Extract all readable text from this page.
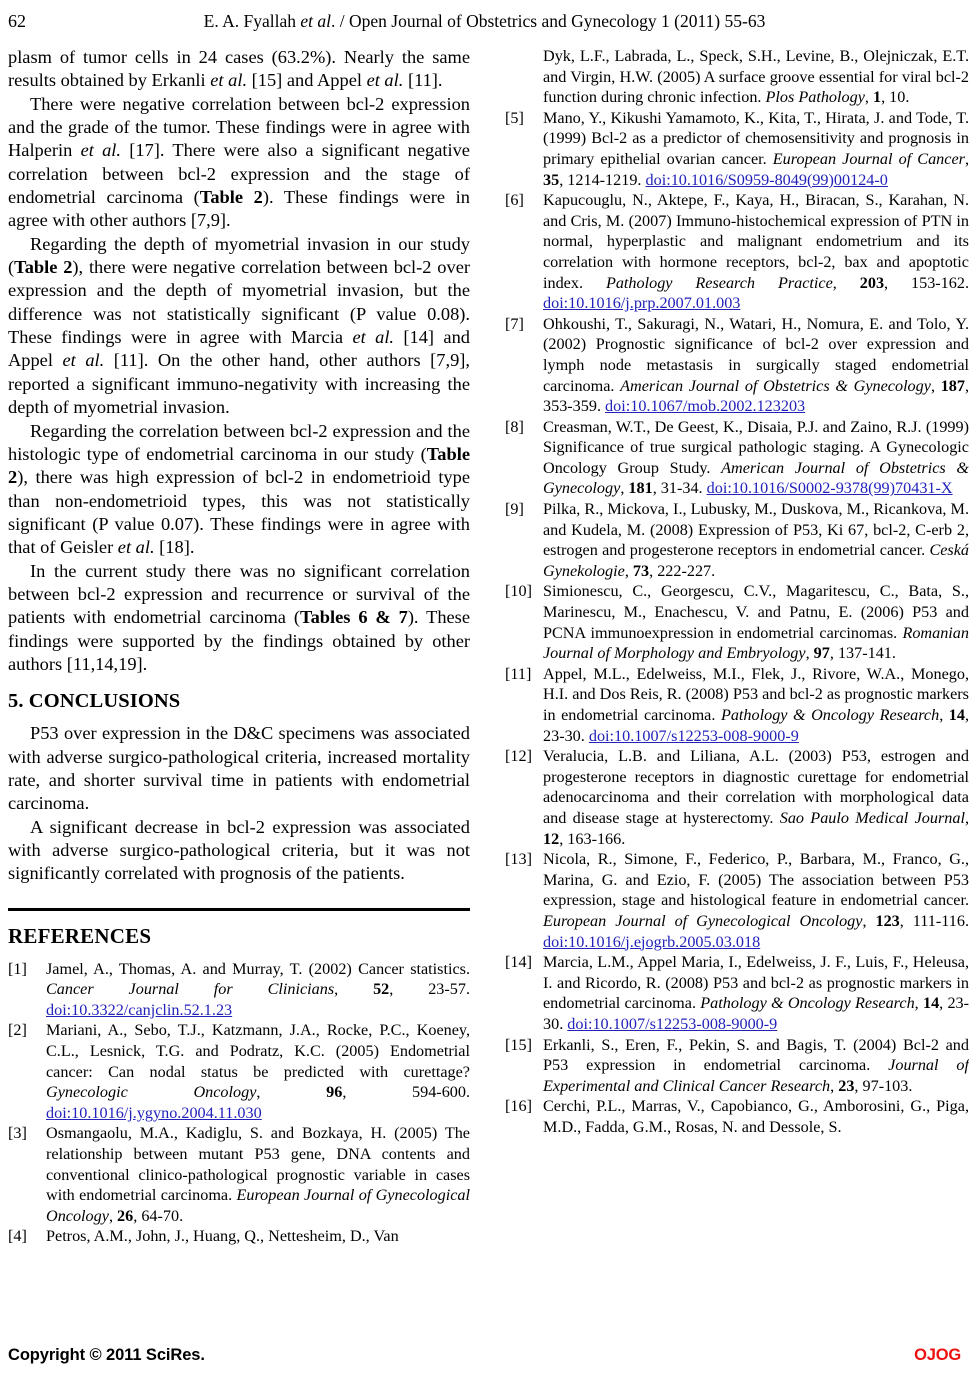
62	E. A. Fyallah et al. / Open Journal of Obstetrics and Gynecology 1 (2011) 55-63

plasm of tumor cells in 24 cases (63.2%). Nearly the same results obtained by Erkanli et al. [15] and Appel et al. [11].

There were negative correlation between bcl-2 expression and the grade of the tumor. These findings were in agree with Halperin et al. [17]. There were also a significant negative correlation between bcl-2 expression and the stage of endometrial carcinoma (Table 2). These findings were in agree with other authors [7,9].

Regarding the depth of myometrial invasion in our study (Table 2), there were negative correlation between bcl-2 over expression and the depth of myometrial invasion, but the difference was not statistically significant (P value 0.08). These findings were in agree with Marcia et al. [14] and Appel et al. [11]. On the other hand, other authors [7,9], reported a significant immuno-negativity with increasing the depth of myometrial invasion.

Regarding the correlation between bcl-2 expression and the histologic type of endometrial carcinoma in our study (Table 2), there was high expression of bcl-2 in endometrioid type than non-endometrioid types, this was not statistically significant (P value 0.07). These findings were in agree with that of Geisler et al. [18].

In the current study there was no significant correlation between bcl-2 expression and recurrence or survival of the patients with endometrial carcinoma (Tables 6 & 7). These findings were supported by the findings obtained by other authors [11,14,19].

5. CONCLUSIONS

P53 over expression in the D&C specimens was associated with adverse surgico-pathological criteria, increased mortality rate, and shorter survival time in patients with endometrial carcinoma.

A significant decrease in bcl-2 expression was associated with adverse surgico-pathological criteria, but it was not significantly correlated with prognosis of the patients.

REFERENCES
[1]	Jamel, A., Thomas, A. and Murray, T. (2002) Cancer statistics. Cancer Journal for Clinicians, 52, 23-57. doi:10.3322/canjclin.52.1.23
[2]	Mariani, A., Sebo, T.J., Katzmann, J.A., Rocke, P.C., Koeney, C.L., Lesnick, T.G. and Podratz, K.C. (2005) Endometrial cancer: Can nodal status be predicted with curettage? Gynecologic Oncology, 96, 594-600. doi:10.1016/j.ygyno.2004.11.030
[3]	Osmangaolu, M.A., Kadiglu, S. and Bozkaya, H. (2005) The relationship between mutant P53 gene, DNA contents and conventional clinico-pathological prognostic variable in cases with endometrial carcinoma. European Journal of Gynecological Oncology, 26, 64-70.
[4]	Petros, A.M., John, J., Huang, Q., Nettesheim, D., Van
Dyk, L.F., Labrada, L., Speck, S.H., Levine, B., Olejniczak, E.T. and Virgin, H.W. (2005) A surface groove essential for viral bcl-2 function during chronic infection. Plos Pathology, 1, 10.
[5]	Mano, Y., Kikushi Yamamoto, K., Kita, T., Hirata, J. and Tode, T. (1999) Bcl-2 as a predictor of chemosensitivity and prognosis in primary epithelial ovarian cancer. European Journal of Cancer, 35, 1214-1219. doi:10.1016/S0959-8049(99)00124-0
[6]	Kapucouglu, N., Aktepe, F., Kaya, H., Biracan, S., Karahan, N. and Cris, M. (2007) Immuno-histochemical expression of PTN in normal, hyperplastic and malignant endometrium and its correlation with hormone receptors, bcl-2, bax and apoptotic index. Pathology Research Practice, 203, 153-162. doi:10.1016/j.prp.2007.01.003
[7]	Ohkoushi, T., Sakuragi, N., Watari, H., Nomura, E. and Tolo, Y. (2002) Prognostic significance of bcl-2 over expression and lymph node metastasis in surgically staged endometrial carcinoma. American Journal of Obstetrics & Gynecology, 187, 353-359. doi:10.1067/mob.2002.123203
[8]	Creasman, W.T., De Geest, K., Disaia, P.J. and Zaino, R.J. (1999) Significance of true surgical pathologic staging. A Gynecologic Oncology Group Study. American Journal of Obstetrics & Gynecology, 181, 31-34. doi:10.1016/S0002-9378(99)70431-X
[9]	Pilka, R., Mickova, I., Lubusky, M., Duskova, M., Ricankova, M. and Kudela, M. (2008) Expression of P53, Ki 67, bcl-2, C-erb 2, estrogen and progesterone receptors in endometrial cancer. Ceská Gynekologie, 73, 222-227.
[10] Simionescu, C., Georgescu, C.V., Magaritescu, C., Bata, S., Marinescu, M., Enachescu, V. and Patnu, E. (2006) P53 and PCNA immunoexpression in endometrial carcinomas. Romanian Journal of Morphology and Embryology, 97, 137-141.
[11] Appel, M.L., Edelweiss, M.I., Flek, J., Rivore, W.A., Monego, H.I. and Dos Reis, R. (2008) P53 and bcl-2 as prognostic markers in endometrial carcinoma. Pathology & Oncology Research, 14, 23-30. doi:10.1007/s12253-008-9000-9
[12] Veralucia, L.B. and Liliana, A.L. (2003) P53, estrogen and progesterone receptors in diagnostic curettage for endometrial adenocarcinoma and their correlation with morphological data and disease stage at hysterectomy. Sao Paulo Medical Journal, 12, 163-166.
[13] Nicola, R., Simone, F., Federico, P., Barbara, M., Franco, G., Marina, G. and Ezio, F. (2005) The association between P53 expression, stage and histological feature in endometrial cancer. European Journal of Gynecological Oncology, 123, 111-116. doi:10.1016/j.ejogrb.2005.03.018
[14] Marcia, L.M., Appel Maria, I., Edelweiss, J. F., Luis, F., Heleusa, I. and Ricordo, R. (2008) P53 and bcl-2 as prognostic markers in endometrial carcinoma. Pathology & Oncology Research, 14, 23-30. doi:10.1007/s12253-008-9000-9
[15] Erkanli, S., Eren, F., Pekin, S. and Bagis, T. (2004) Bcl-2 and P53 expression in endometrial carcinoma. Journal of Experimental and Clinical Cancer Research, 23, 97-103.
[16] Cerchi, P.L., Marras, V., Capobianco, G., Amborosini, G., Piga, M.D., Fadda, G.M., Rosas, N. and Dessole, S.
Copyright © 2011 SciRes.	OJOG
